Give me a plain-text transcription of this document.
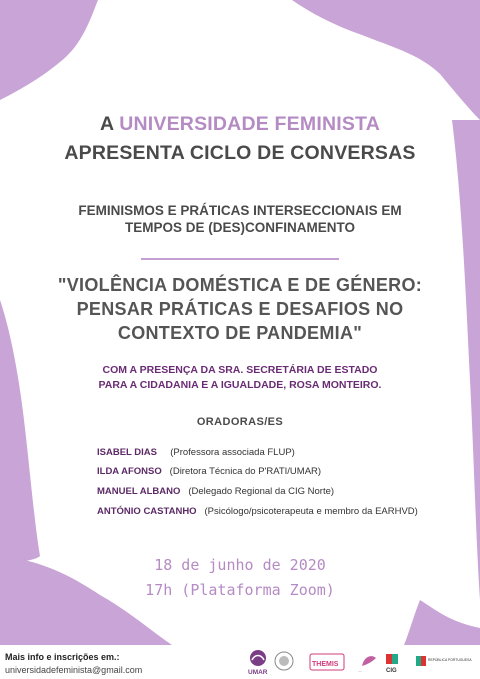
A UNIVERSIDADE FEMINISTA
APRESENTA CICLO DE CONVERSAS
FEMINISMOS E PRÁTICAS INTERSECCIONAIS EM
TEMPOS DE (DES)CONFINAMENTO
"VIOLÊNCIA DOMÉSTICA E DE GÉNERO:
PENSAR PRÁTICAS E DESAFIOS NO
CONTEXTO DE PANDEMIA"
COM A PRESENÇA DA SRA. SECRETÁRIA DE ESTADO
PARA A CIDADANIA E A IGUALDADE, ROSA MONTEIRO.
ORADORAS/ES
ISABEL DIAS (Professora associada FLUP)
ILDA AFONSO (Diretora Técnica do P'RATI/UMAR)
MANUEL ALBANO (Delegado Regional da CIG Norte)
ANTÓNIO CASTANHO (Psicólogo/psicoterapeuta e membro da EARHVD)
18 de junho de 2020
17h (Plataforma Zoom)
Mais info e inscrições em.:
universidadefeminista@gmail.com	UMAR
THEMIS
—	CIG
REPÚBLICA PORTUGUESA
